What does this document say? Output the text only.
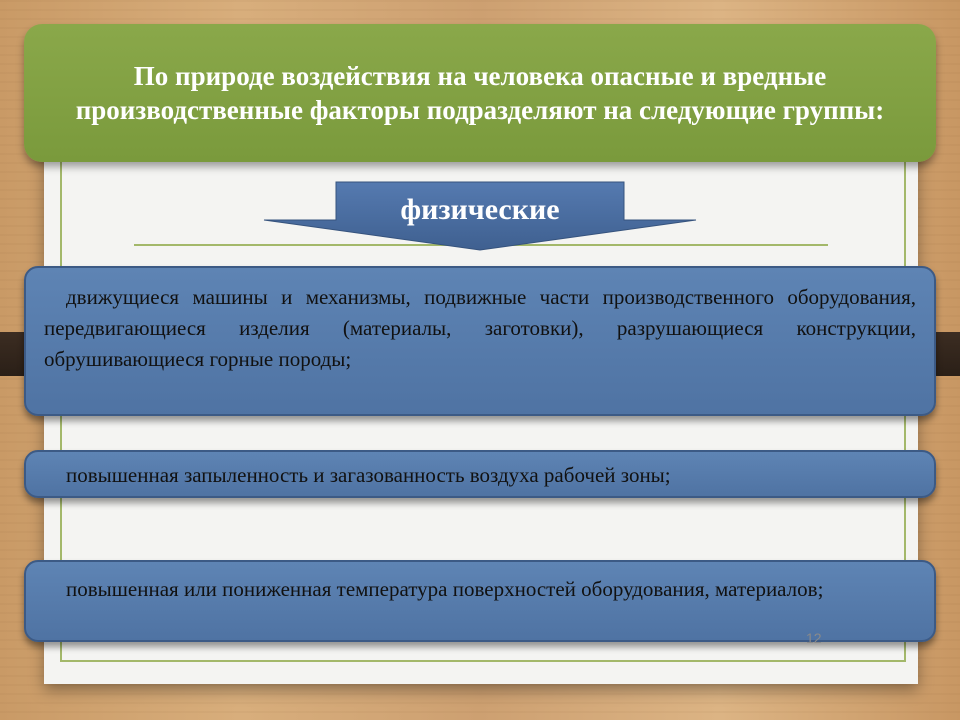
По природе воздействия на человека опасные и вредные производственные факторы подразделяют на следующие группы:
физические
движущиеся машины и механизмы, подвижные части производственного оборудования, передвигающиеся изделия (материалы, заготовки), разрушающиеся конструкции, обрушивающиеся горные породы;
повышенная запыленность и загазованность воздуха рабочей зоны;
повышенная или пониженная температура поверхностей оборудования, материалов;
12
